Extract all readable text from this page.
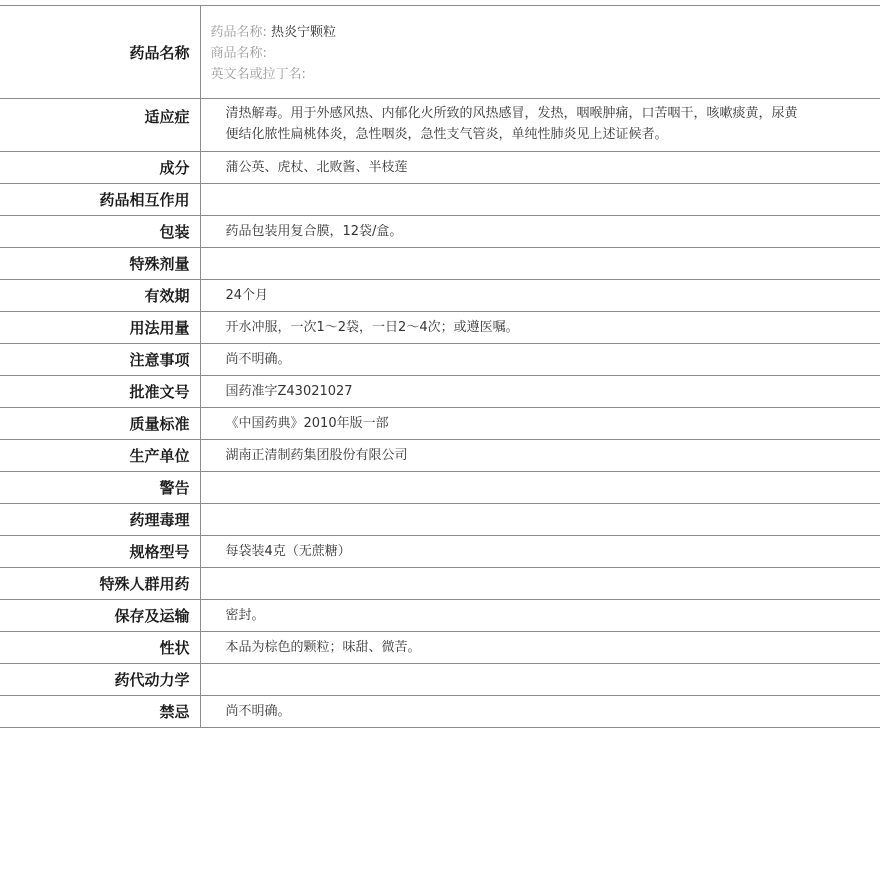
药品名称	药品名称: 热炎宁颗粒
商品名称:
英文名或拉丁名:

适应症	清热解毒。用于外感风热、内郁化火所致的风热感冒，发热，咽喉肿痛，口苦咽干，咳嗽痰黄，尿黄便结化脓性扁桃体炎，急性咽炎，急性支气管炎，单纯性肺炎见上述证候者。
成分	蒲公英、虎杖、北败酱、半枝莲
药品相互作用	
包装	药品包装用复合膜，12袋/盒。
特殊剂量	
有效期	24个月
用法用量	开水冲服，一次1～2袋，一日2～4次；或遵医嘱。
注意事项	尚不明确。
批准文号	国药准字Z43021027
质量标准	《中国药典》2010年版一部
生产单位	湖南正清制药集团股份有限公司
警告	
药理毒理	
规格型号	每袋装4克（无蔗糖）
特殊人群用药	
保存及运输	密封。
性状	本品为棕色的颗粒；味甜、微苦。
药代动力学	
禁忌	尚不明确。
